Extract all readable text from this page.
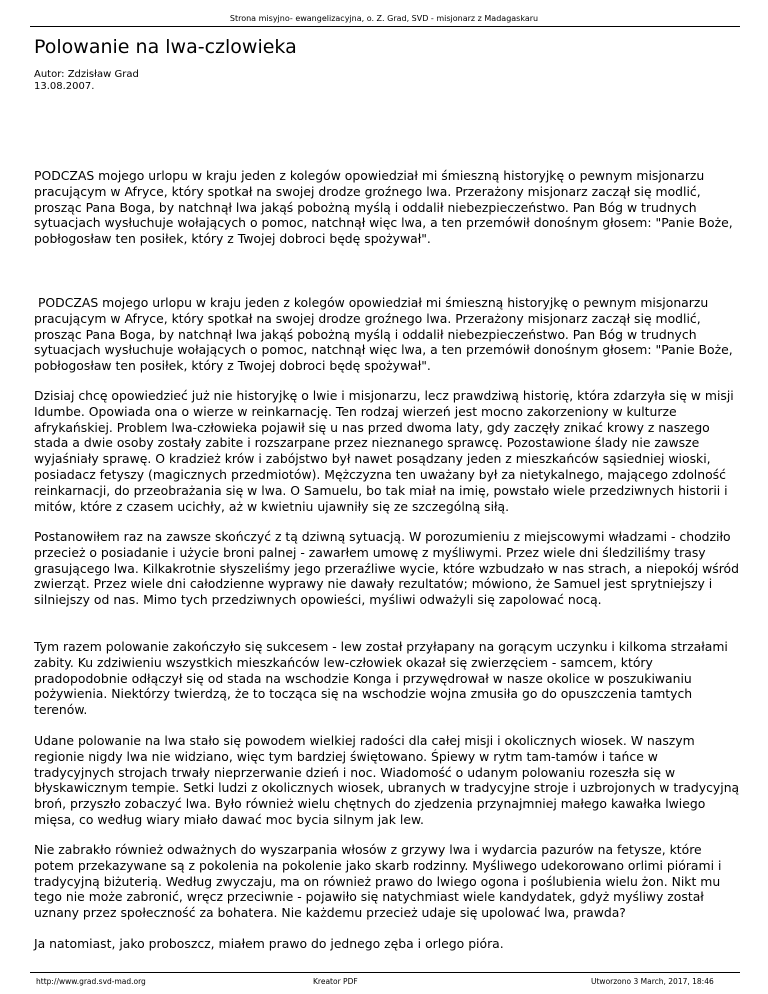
Strona misyjno- ewangelizacyjna, o. Z. Grad, SVD - misjonarz z Madagaskaru
Polowanie na lwa-czlowieka
Autor: Zdzisław Grad
13.08.2007.

PODCZAS mojego urlopu w kraju jeden z kolegów opowiedział mi śmieszną historyjkę o pewnym misjonarzu pracującym w Afryce, który spotkał na swojej drodze groźnego lwa. Przerażony misjonarz zaczął się modlić, prosząc Pana Boga, by natchnął lwa jakąś pobożną myślą i oddalił niebezpieczeństwo. Pan Bóg w trudnych sytuacjach wysłuchuje wołających o pomoc, natchnął więc lwa, a ten przemówił donośnym głosem: "Panie Boże, pobłogosław ten posiłek, który z Twojej dobroci będę spożywał".

PODCZAS mojego urlopu w kraju jeden z kolegów opowiedział mi śmieszną historyjkę o pewnym misjonarzu pracującym w Afryce, który spotkał na swojej drodze groźnego lwa. Przerażony misjonarz zaczął się modlić, prosząc Pana Boga, by natchnął lwa jakąś pobożną myślą i oddalił niebezpieczeństwo. Pan Bóg w trudnych sytuacjach wysłuchuje wołających o pomoc, natchnął więc lwa, a ten przemówił donośnym głosem: "Panie Boże, pobłogosław ten posiłek, który z Twojej dobroci będę spożywał".

Dzisiaj chcę opowiedzieć już nie historyjkę o lwie i misjonarzu, lecz prawdziwą historię, która zdarzyła się w misji Idumbe. Opowiada ona o wierze w reinkarnację. Ten rodzaj wierzeń jest mocno zakorzeniony w kulturze afrykańskiej. Problem lwa-człowieka pojawił się u nas przed dwoma laty, gdy zaczęły znikać krowy z naszego stada a dwie osoby zostały zabite i rozszarpane przez nieznanego sprawcę. Pozostawione ślady nie zawsze wyjaśniały sprawę. O kradzież krów i zabójstwo był nawet posądzany jeden z mieszkańców sąsiedniej wioski, posiadacz fetyszy (magicznych przedmiotów). Mężczyzna ten uważany był za nietykalnego, mającego zdolność reinkarnacji, do przeobrażania się w lwa. O Samuelu, bo tak miał na imię, powstało wiele przedziwnych historii i mitów, które z czasem ucichły, aż w kwietniu ujawniły się ze szczególną siłą.

Postanowiłem raz na zawsze skończyć z tą dziwną sytuacją. W porozumieniu z miejscowymi władzami - chodziło przecież o posiadanie i użycie broni palnej - zawarłem umowę z myśliwymi. Przez wiele dni śledziliśmy trasy grasującego lwa. Kilkakrotnie słyszeliśmy jego przeraźliwe wycie, które wzbudzało w nas strach, a niepokój wśród zwierząt. Przez wiele dni całodzienne wyprawy nie dawały rezultatów; mówiono, że Samuel jest sprytniejszy i silniejszy od nas. Mimo tych przedziwnych opowieści, myśliwi odważyli się zapolować nocą.

Tym razem polowanie zakończyło się sukcesem - lew został przyłapany na gorącym uczynku i kilkoma strzałami zabity. Ku zdziwieniu wszystkich mieszkańców lew-człowiek okazał się zwierzęciem - samcem, który pradopodobnie odłączył się od stada na wschodzie Konga i przywędrował w nasze okolice w poszukiwaniu pożywienia. Niektórzy twierdzą, że to tocząca się na wschodzie wojna zmusiła go do opuszczenia tamtych terenów.

Udane polowanie na lwa stało się powodem wielkiej radości dla całej misji i okolicznych wiosek. W naszym regionie nigdy lwa nie widziano, więc tym bardziej świętowano. Śpiewy w rytm tam-tamów i tańce w tradycyjnych strojach trwały nieprzerwanie dzień i noc. Wiadomość o udanym polowaniu rozeszła się w błyskawicznym tempie. Setki ludzi z okolicznych wiosek, ubranych w tradycyjne stroje i uzbrojonych w tradycyjną broń, przyszło zobaczyć lwa. Było również wielu chętnych do zjedzenia przynajmniej małego kawałka lwiego mięsa, co według wiary miało dawać moc bycia silnym jak lew.

Nie zabrakło również odważnych do wyszarpania włosów z grzywy lwa i wydarcia pazurów na fetysze, które potem przekazywane są z pokolenia na pokolenie jako skarb rodzinny. Myśliwego udekorowano orlimi piórami i tradycyjną biżuterią. Według zwyczaju, ma on również prawo do lwiego ogona i poślubienia wielu żon. Nikt mu tego nie może zabronić, wręcz przeciwnie - pojawiło się natychmiast wiele kandydatek, gdyż myśliwy został uznany przez społeczność za bohatera. Nie każdemu przecież udaje się upolować lwa, prawda?

Ja natomiast, jako proboszcz, miałem prawo do jednego zęba i orlego pióra.

http://www.grad.svd-mad.org	Kreator PDF	Utworzono 3 March, 2017, 18:46
